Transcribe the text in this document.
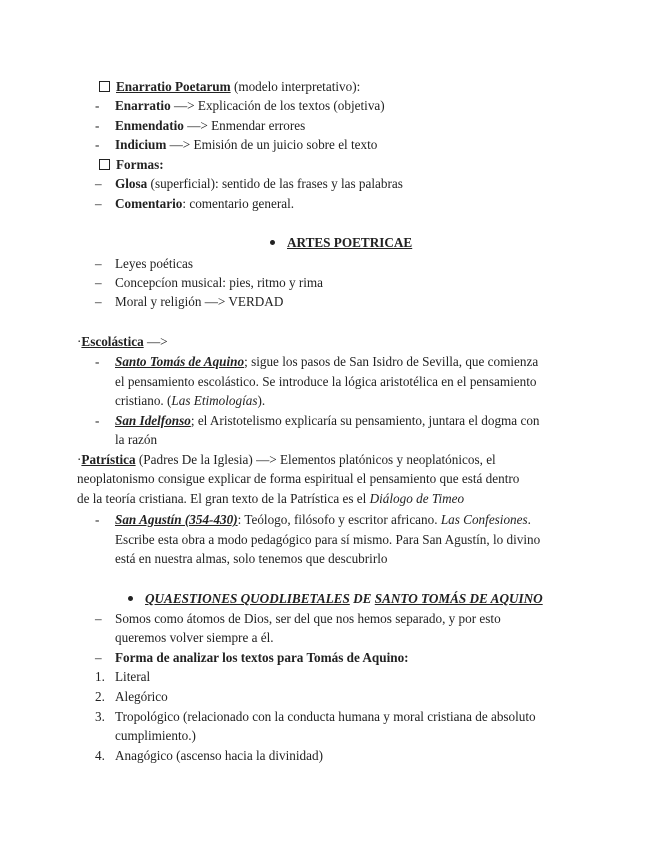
Enarratio Poetarum (modelo interpretativo):
-	Enarratio —> Explicación de los textos (objetiva)
-	Enmendatio —> Enmendar errores
-	Indicium —> Emisión de un juicio sobre el texto
Formas:
–	Glosa (superficial): sentido de las frases y las palabras
–	Comentario: comentario general.
ARTES POETRICAE
–	Leyes poéticas
–	Concepcíon musical: pies, ritmo y rima
–	Moral y religión —> VERDAD
·Escolástica —>
-	Santo Tomás de Aquino; sigue los pasos de San Isidro de Sevilla, que comienza
el pensamiento escolástico. Se introduce la lógica aristotélica en el pensamiento
cristiano. (Las Etimologías).
-	San Idelfonso; el Aristotelismo explicaría su pensamiento, juntara el dogma con
la razón
·Patrística (Padres De la Iglesia) —> Elementos platónicos y neoplatónicos, el
neoplatonismo consigue explicar de forma espiritual el pensamiento que está dentro
de la teoría cristiana. El gran texto de la Patrística es el Diálogo de Timeo
-	San Agustín (354-430): Teólogo, filósofo y escritor africano. Las Confesiones.
Escribe esta obra a modo pedagógico para sí mismo. Para San Agustín, lo divino
está en nuestra almas, solo tenemos que descubrirlo
QUAESTIONES QUODLIBETALES DE SANTO TOMÁS DE AQUINO
–	Somos como átomos de Dios, ser del que nos hemos separado, y por esto
queremos volver siempre a él.
–	Forma de analizar los textos para Tomás de Aquino:
1. Literal
2. Alegórico
3. Tropológico (relacionado con la conducta humana y moral cristiana de absoluto
cumplimiento.)
4. Anagógico (ascenso hacia la divinidad)
